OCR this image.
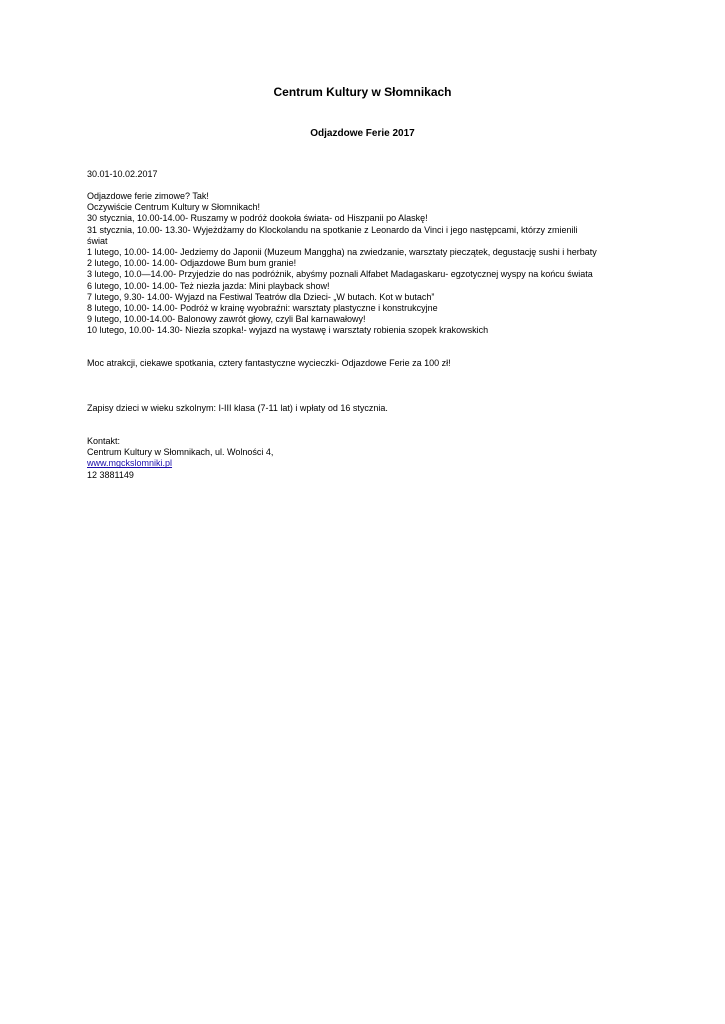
Centrum Kultury w Słomnikach
Odjazdowe Ferie 2017

30.01-10.02.2017

Odjazdowe ferie zimowe? Tak!

Oczywiście Centrum Kultury w Słomnikach!

30 stycznia, 10.00-14.00- Ruszamy w podróż dookoła świata- od Hiszpanii po Alaskę!

31 stycznia, 10.00- 13.30- Wyjeżdżamy do Klockolandu na spotkanie z Leonardo da Vinci i jego następcami, którzy zmienili

świat

1 lutego, 10.00- 14.00- Jedziemy do Japonii (Muzeum Manggha) na zwiedzanie, warsztaty pieczątek, degustację sushi i herbaty

2 lutego, 10.00- 14.00- Odjazdowe Bum bum granie!

3 lutego, 10.0—14.00- Przyjedzie do nas podróżnik, abyśmy poznali Alfabet Madagaskaru- egzotycznej wyspy na końcu świata

6 lutego, 10.00- 14.00- Też niezła jazda: Mini playback show!

7 lutego, 9.30- 14.00- Wyjazd na Festiwal Teatrów dla Dzieci- „W butach. Kot w butach”

8 lutego, 10.00- 14.00- Podróż w krainę wyobraźni: warsztaty plastyczne i konstrukcyjne

9 lutego, 10.00-14.00- Balonowy zawrót głowy, czyli Bal karnawałowy!

10 lutego, 10.00- 14.30- Niezła szopka!- wyjazd na wystawę i warsztaty robienia szopek krakowskich

Moc atrakcji, ciekawe spotkania, cztery fantastyczne wycieczki- Odjazdowe Ferie za 100 zł!

Zapisy dzieci w wieku szkolnym: I-III klasa (7-11 lat) i wpłaty od 16 stycznia.

Kontakt:

Centrum Kultury w Słomnikach, ul. Wolności 4,

www.mgckslomniki.pl

12 3881149
